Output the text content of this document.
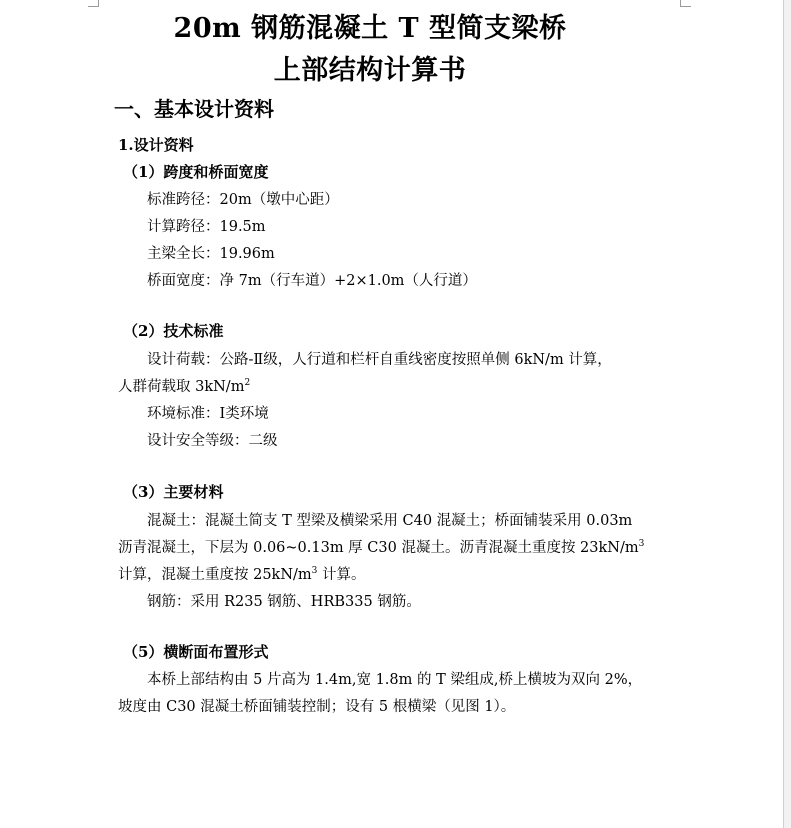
20m 钢筋混凝土 T 型简支梁桥
上部结构计算书
一、基本设计资料
1.设计资料
（1）跨度和桥面宽度
标准跨径：20m（墩中心距）
计算跨径：19.5m
主梁全长：19.96m
桥面宽度：净 7m（行车道）+2×1.0m（人行道）
（2）技术标准
设计荷载：公路-Ⅱ级，人行道和栏杆自重线密度按照单侧 6kN/m 计算，
人群荷载取 $3kN/m^2$
环境标准：Ⅰ类环境
设计安全等级：二级
（3）主要材料
混凝土：混凝土简支 T 型梁及横梁采用 C40 混凝土；桥面铺装采用 0.03m
沥青混凝土，下层为 0.06~0.13m 厚 C30 混凝土。沥青混凝土重度按 $23kN/m^3$
计算，混凝土重度按 $25kN/m^3$ 计算。
钢筋：采用 R235 钢筋、HRB335 钢筋。
（5）横断面布置形式
本桥上部结构由 5 片高为 1.4m,宽 1.8m 的 T 梁组成,桥上横坡为双向 2%，
坡度由 C30 混凝土桥面铺装控制；设有 5 根横梁（见图 1）。
